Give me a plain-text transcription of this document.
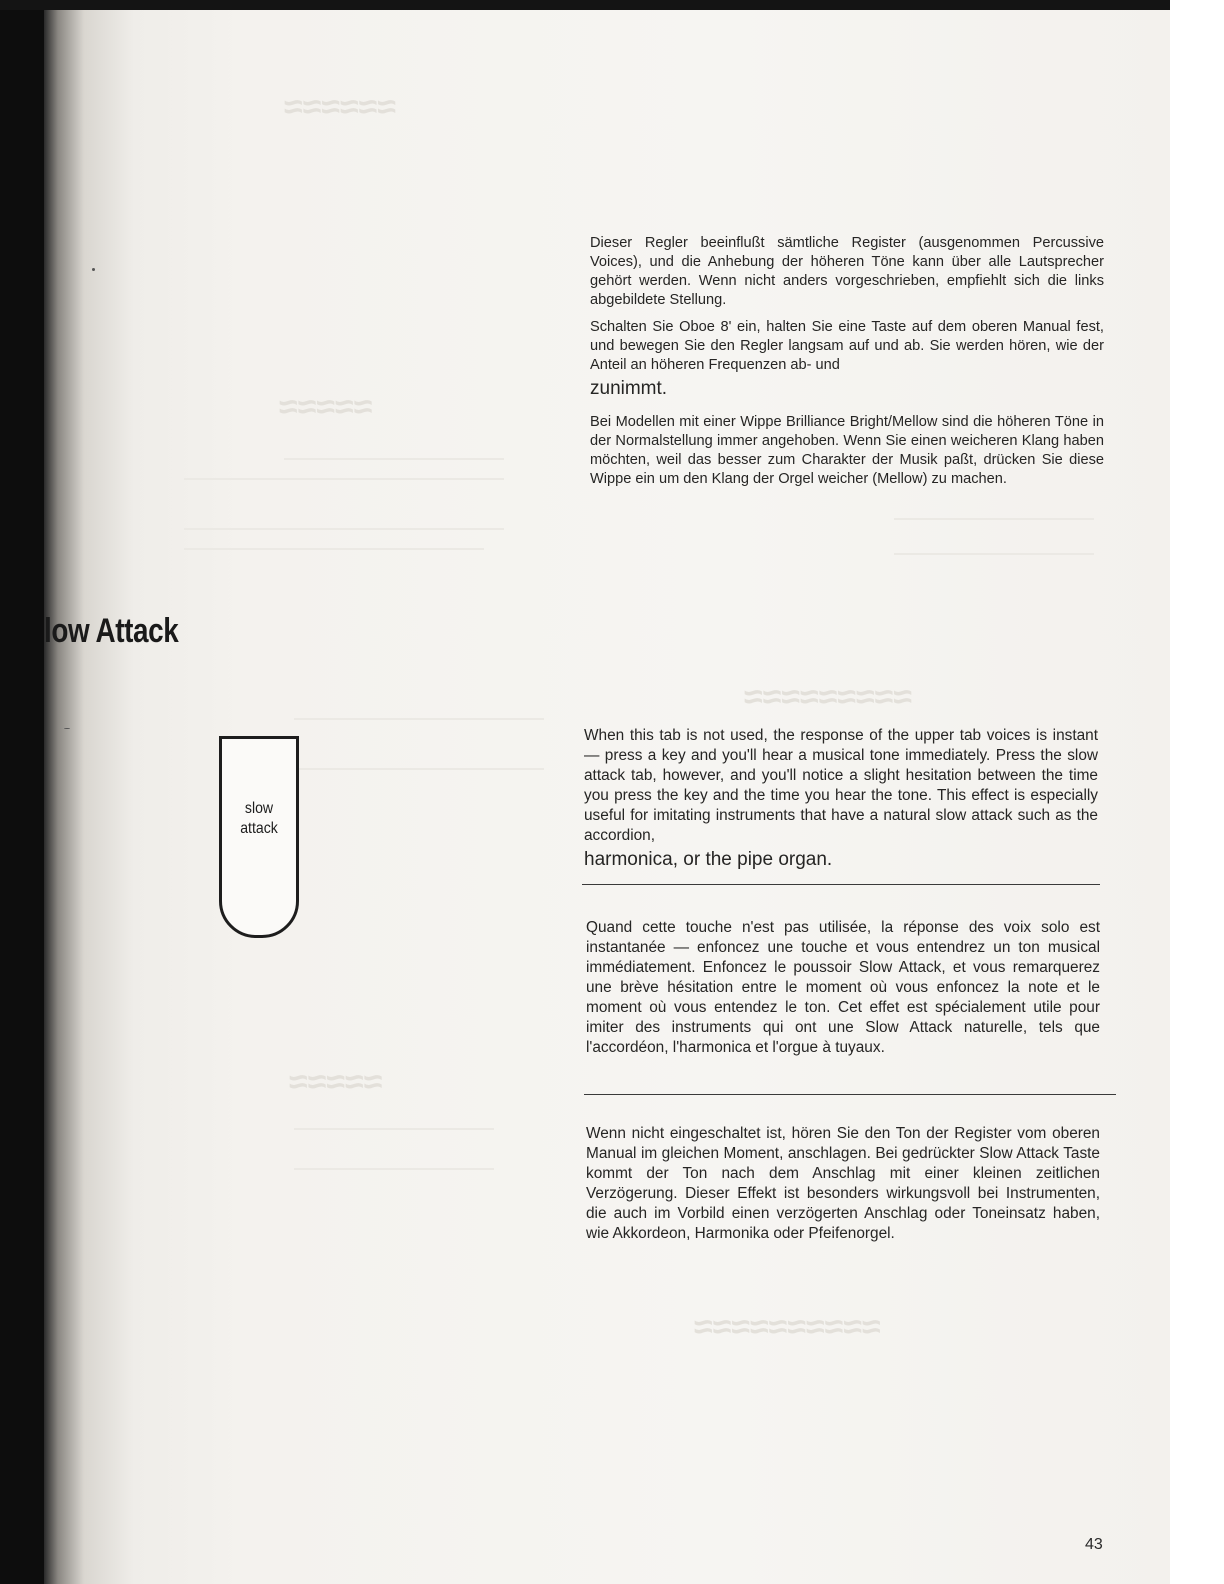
≈≈≈≈≈≈
≈≈≈≈≈
≈≈≈≈≈≈≈≈≈
≈≈≈≈≈
≈≈≈≈≈≈≈≈≈≈

Dieser Regler beeinflußt sämtliche Register (ausgenommen Percussive Voices), und die Anhebung der höheren Töne kann über alle Lautsprecher gehört werden. Wenn nicht anders vorgeschrieben, empfiehlt sich die links abgebildete Stellung.

Schalten Sie Oboe 8' ein, halten Sie eine Taste auf dem oberen Manual fest, und bewegen Sie den Regler langsam auf und ab. Sie werden hören, wie der Anteil an höheren Frequenzen ab- und
zunimmt.

Bei Modellen mit einer Wippe Brilliance Bright/Mellow sind die höheren Töne in der Normalstellung immer angehoben. Wenn Sie einen weicheren Klang haben möchten, weil das besser zum Charakter der Musik paßt, drücken Sie diese Wippe ein um den Klang der Orgel weicher (Mellow) zu machen.

low Attack
slow
attack

When this tab is not used, the response of the upper tab voices is instant — press a key and you'll hear a musical tone immediately. Press the slow attack tab, however, and you'll notice a slight hesitation between the time you press the key and the time you hear the tone. This effect is especially useful for imitating instruments that have a natural slow attack such as the accordion,
harmonica, or the pipe organ.

Quand cette touche n'est pas utilisée, la réponse des voix solo est instantanée — enfoncez une touche et vous entendrez un ton musical immédiatement. Enfoncez le poussoir Slow Attack, et vous remarquerez une brève hésitation entre le moment où vous enfoncez la note et le moment où vous entendez le ton. Cet effet est spécialement utile pour imiter des instruments qui ont une Slow Attack naturelle, tels que l'accordéon, l'harmonica et l'orgue à tuyaux.

Wenn nicht eingeschaltet ist, hören Sie den Ton der Register vom oberen Manual im gleichen Moment, anschlagen. Bei gedrückter Slow Attack Taste kommt der Ton nach dem Anschlag mit einer kleinen zeitlichen Verzögerung. Dieser Effekt ist besonders wirkungsvoll bei Instrumenten, die auch im Vorbild einen verzögerten Anschlag oder Toneinsatz haben, wie Akkordeon, Harmonika oder Pfeifenorgel.

43
